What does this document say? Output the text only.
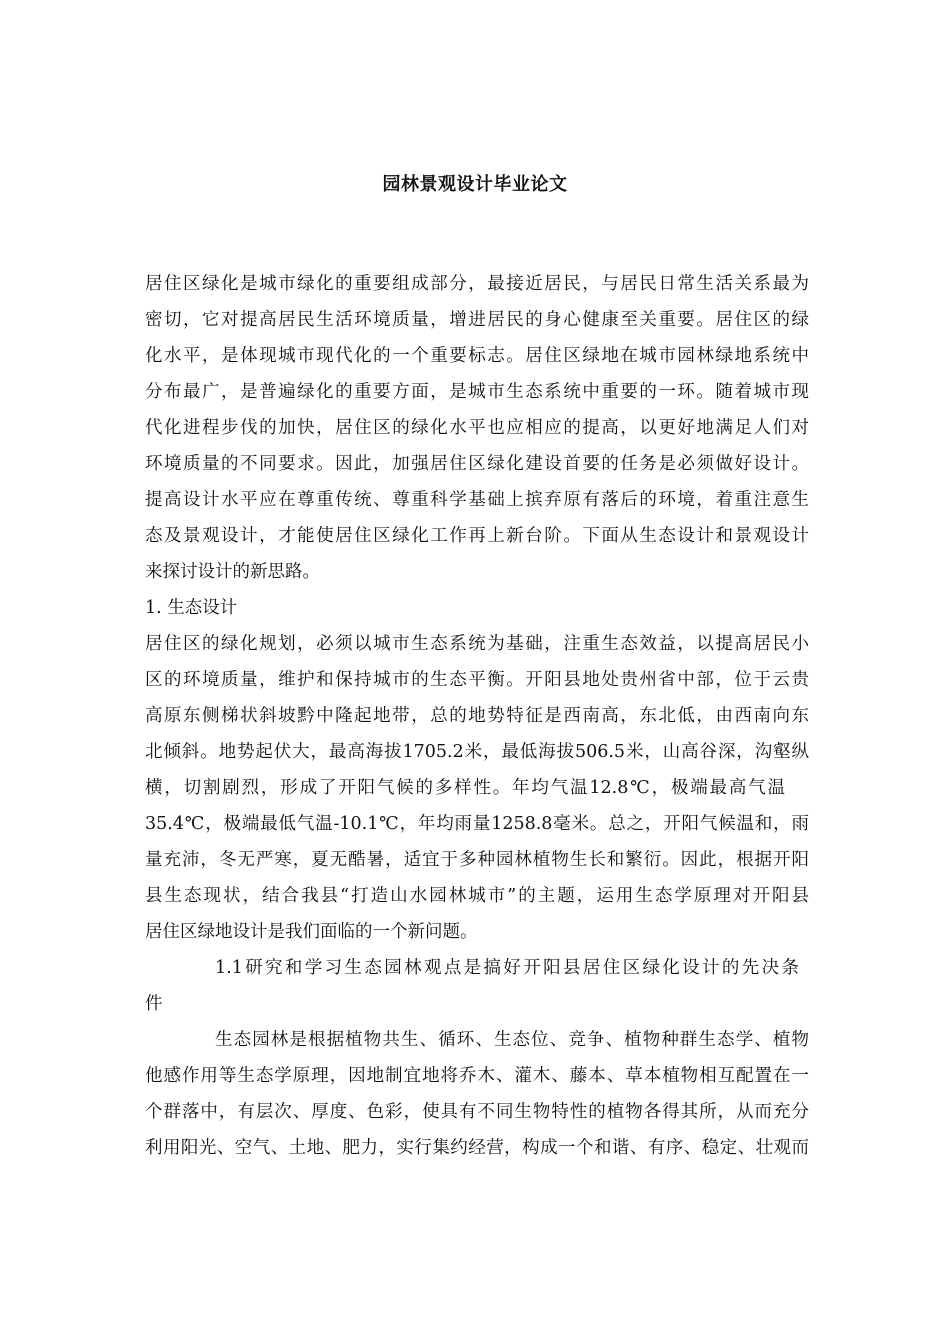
园林景观设计毕业论文
居住区绿化是城市绿化的重要组成部分，最接近居民，与居民日常生活关系最为
密切，它对提高居民生活环境质量，增进居民的身心健康至关重要。居住区的绿
化水平，是体现城市现代化的一个重要标志。居住区绿地在城市园林绿地系统中
分布最广，是普遍绿化的重要方面，是城市生态系统中重要的一环。随着城市现
代化进程步伐的加快，居住区的绿化水平也应相应的提高，以更好地满足人们对
环境质量的不同要求。因此，加强居住区绿化建设首要的任务是必须做好设计。
提高设计水平应在尊重传统、尊重科学基础上摈弃原有落后的环境，着重注意生
态及景观设计，才能使居住区绿化工作再上新台阶。下面从生态设计和景观设计
来探讨设计的新思路。
1. 生态设计
居住区的绿化规划，必须以城市生态系统为基础，注重生态效益，以提高居民小
区的环境质量，维护和保持城市的生态平衡。开阳县地处贵州省中部，位于云贵
高原东侧梯状斜坡黔中隆起地带，总的地势特征是西南高，东北低，由西南向东
北倾斜。地势起伏大，最高海拔1705.2米，最低海拔506.5米，山高谷深，沟壑纵
横，切割剧烈，形成了开阳气候的多样性。年均气温12.8℃，极端最高气温
35.4℃，极端最低气温-10.1℃，年均雨量1258.8毫米。总之，开阳气候温和，雨
量充沛，冬无严寒，夏无酷暑，适宜于多种园林植物生长和繁衍。因此，根据开阳
县生态现状，结合我县“打造山水园林城市”的主题，运用生态学原理对开阳县
居住区绿地设计是我们面临的一个新问题。
1.1研究和学习生态园林观点是搞好开阳县居住区绿化设计的先决条
件
生态园林是根据植物共生、循环、生态位、竞争、植物种群生态学、植物
他感作用等生态学原理，因地制宜地将乔木、灌木、藤本、草本植物相互配置在一
个群落中，有层次、厚度、色彩，使具有不同生物特性的植物各得其所，从而充分
利用阳光、空气、土地、肥力，实行集约经营，构成一个和谐、有序、稳定、壮观而
